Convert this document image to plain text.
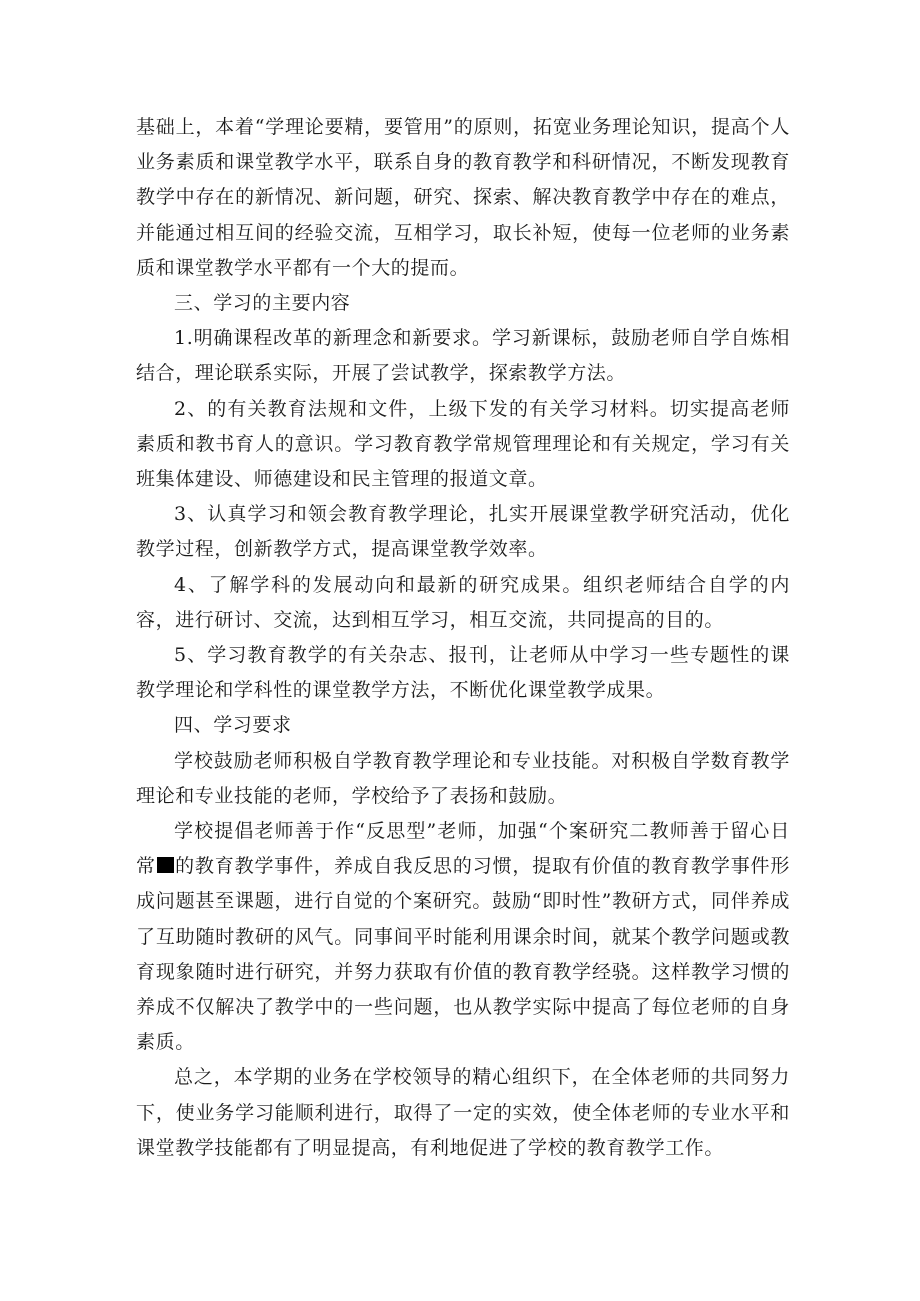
基础上，本着“学理论要精，要管用”的原则，拓宽业务理论知识，提高个人业务素质和课堂教学水平，联系自身的教育教学和科研情况，不断发现教育教学中存在的新情况、新问题，研究、探索、解决教育教学中存在的难点，并能通过相互间的经验交流，互相学习，取长补短，使每一位老师的业务素质和课堂教学水平都有一个大的提而。

三、学习的主要内容

1.明确课程改革的新理念和新要求。学习新课标，鼓励老师自学自炼相结合，理论联系实际，开展了尝试教学，探索教学方法。

2、的有关教育法规和文件，上级下发的有关学习材料。切实提高老师素质和教书育人的意识。学习教育教学常规管理理论和有关规定，学习有关班集体建设、师德建设和民主管理的报道文章。

3、认真学习和领会教育教学理论，扎实开展课堂教学研究活动，优化教学过程，创新教学方式，提高课堂教学效率。

4、了解学科的发展动向和最新的研究成果。组织老师结合自学的内容，进行研讨、交流，达到相互学习，相互交流，共同提高的目的。

5、学习教育教学的有关杂志、报刊，让老师从中学习一些专题性的课教学理论和学科性的课堂教学方法，不断优化课堂教学成果。

四、学习要求

学校鼓励老师积极自学教育教学理论和专业技能。对积极自学数育教学理论和专业技能的老师，学校给予了表扬和鼓励。

学校提倡老师善于作“反思型”老师，加强“个案研究二教师善于留心日常 的教育教学事件，养成自我反思的习惯，提取有价值的教育教学事件形成问题甚至课题，进行自觉的个案研究。鼓励“即时性”教研方式，同伴养成了互助随时教研的风气。同事间平时能利用课余时间，就某个教学问题或教育现象随时进行研究，并努力获取有价值的教育教学经骁。这样教学习惯的养成不仅解决了教学中的一些问题，也从教学实际中提高了每位老师的自身素质。

总之，本学期的业务在学校领导的精心组织下，在全体老师的共同努力下，使业务学习能顺利进行，取得了一定的实效，使全体老师的专业水平和课堂教学技能都有了明显提高，有利地促进了学校的教育教学工作。
